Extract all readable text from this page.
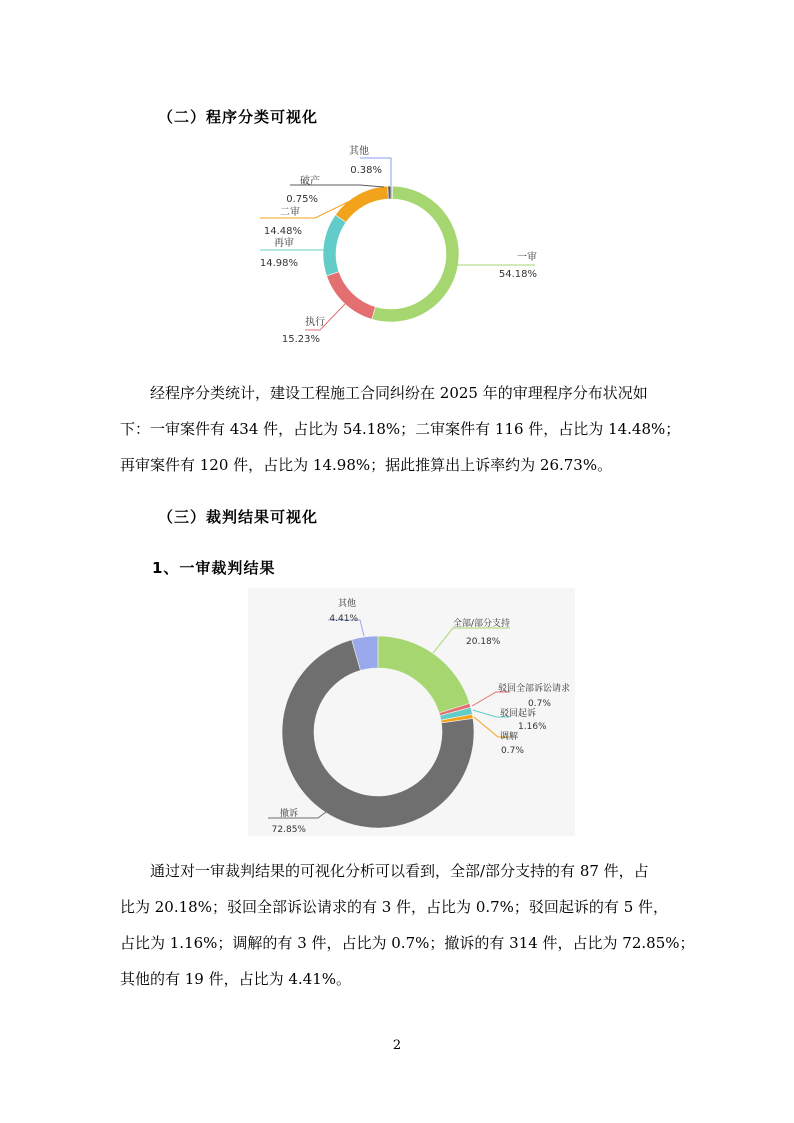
（二）程序分类可视化
其他
0.38%
一审
54.18%
执行
15.23%
再审
14.98%
二审
14.48%
破产
0.75%

经程序分类统计，建设工程施工合同纠纷在 2025 年的审理程序分布状况如
下：一审案件有 434 件，占比为 54.18%；二审案件有 116 件，占比为 14.48%；
再审案件有 120 件，占比为 14.98%；据此推算出上诉率约为 26.73%。

（三）裁判结果可视化
1、一审裁判结果
全部/部分支持
20.18%
驳回全部诉讼请求
0.7%
驳回起诉
1.16%
调解
0.7%
撤诉
72.85%
其他
4.41%

通过对一审裁判结果的可视化分析可以看到，全部/部分支持的有 87 件，占
比为 20.18%；驳回全部诉讼请求的有 3 件，占比为 0.7%；驳回起诉的有 5 件，
占比为 1.16%；调解的有 3 件，占比为 0.7%；撤诉的有 314 件，占比为 72.85%；
其他的有 19 件，占比为 4.41%。

2
